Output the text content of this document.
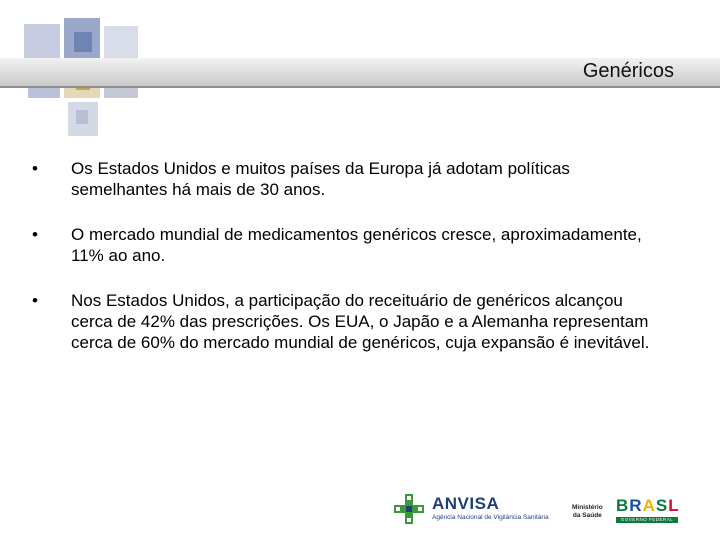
Genéricos
•	Os Estados Unidos e muitos países da Europa já adotam políticas semelhantes há mais de 30 anos.
•	O mercado mundial de medicamentos genéricos cresce, aproximadamente, 11% ao ano.
•	Nos Estados Unidos, a participação do receituário de genéricos alcançou cerca de 42% das prescrições. Os EUA, o Japão e a Alemanha representam cerca de 60% do mercado mundial de genéricos, cuja expansão é inevitável.
ANVISA
Agência Nacional de Vigilância Sanitária
Ministério
da Saúde
BRASL
GOVERNO FEDERAL
